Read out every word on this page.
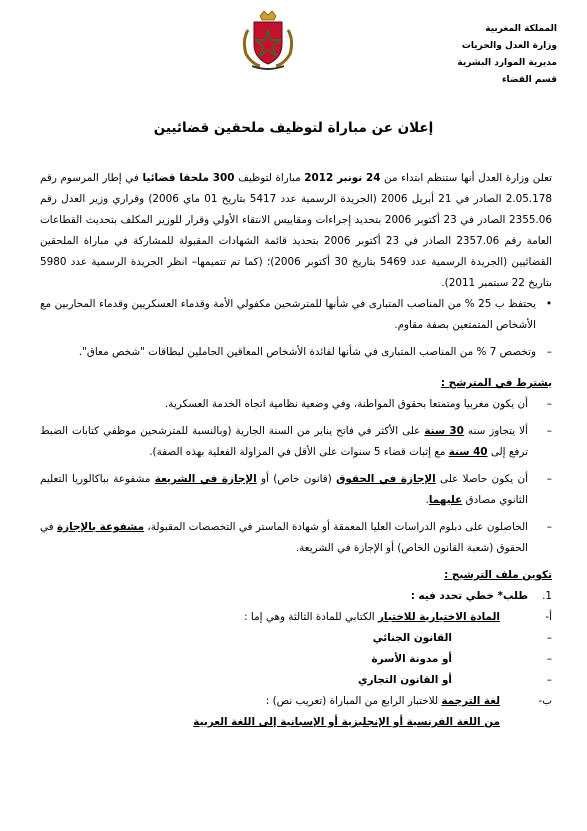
المملكة المغربية
وزارة العدل والحريات
مديرية الموارد البشرية
قسم القضاء
إعلان عن مباراة لتوظيف ملحقين قضائيين

تعلن وزارة العدل أنها ستنظم ابتداء من 24 نونبر 2012 مباراة لتوظيف 300 ملحقا قضائيا في إطار المرسوم رقم 2.05.178 الصادر في 21 أبريل 2006 (الجريدة الرسمية عدد 5417 بتاريخ 01 ماي 2006) وقراري وزير العدل رقم 2355.06 الصادر في 23 أكتوبر 2006 بتحديد إجراءات ومقاييس الانتقاء الأولي وقرار للوزير المكلف بتحديث القطاعات العامة رقم 2357.06 الصادر في 23 أكتوبر 2006 بتحديد قائمة الشهادات المقبولة للمشاركة في مباراة الملحقين القضائيين (الجريدة الرسمية عدد 5469 بتاريخ 30 أكتوبر 2006)؛ (كما تم تتميمها– انظر الجريدة الرسمية عدد 5980 بتاريخ 22 سبتمبر 2011).

•
يحتفظ ب 25 % من المناصب المتبارى في شأنها للمترشحين مكفولي الأمة وقدماء العسكريين وقدماء المحاربين مع الأشخاص المتمتعين بصفة مقاوم.

–
وتخصص 7 % من المناصب المتبارى في شأنها لفائدة الأشخاص المعاقين الحاملين لبطاقات "شخص معاق".

يشترط في المترشح :

–
أن يكون مغربيا ومتمتعا بحقوق المواطنة، وفي وضعية نظامية اتجاه الخدمة العسكرية.

–
ألا يتجاوز سنه 30 سنة على الأكثر في فاتح يناير من السنة الجارية (وبالنسبة للمترشحين موظفي كتابات الضبط ترفع إلى 40 سنة مع إثبات قضاء 5 سنوات على الأقل في المزاولة الفعلية بهذه الصفة).

–
أن يكون حاصلا على الإجازة في الحقوق (قانون خاص) أو الإجازة في الشريعة مشفوعة بباكالوريا التعليم الثانوي مصادق عليهما.

–
الحاصلون على دبلوم الدراسات العليا المعمقة أو شهادة الماستر في التخصصات المقبولة، مشفوعة بالإجازة في الحقوق (شعبة القانون الخاص) أو الإجازة في الشريعة.

تكوين ملف الترشيح :

1.
طلب* خطي تحدد فيه :

أ-
المادة الاختيارية للاختبار الكتابي للمادة الثالثة وهي إما :

–
القانون الجنائي

–
أو مدونة الأسرة

–
أو القانون التجاري

ب-
لغة الترجمة للاختبار الرابع من المباراة (تعريب نص) :

من اللغة الفرنسية أو الإنجليزية أو الإسبانية إلى اللغة العربية
